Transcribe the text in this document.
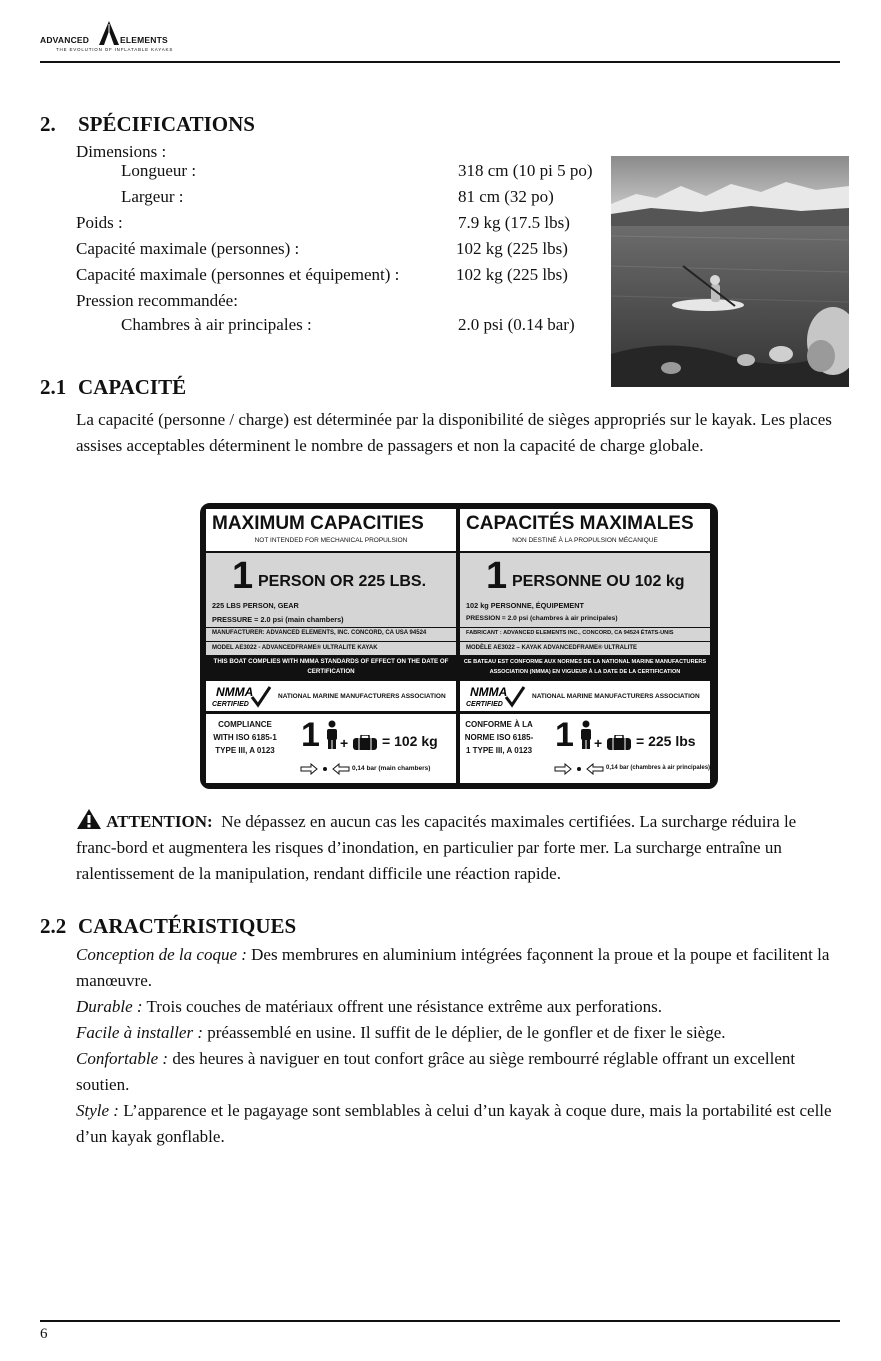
ADVANCED	ELEMENTS
THE EVOLUTION OF INFLATABLE KAYAKS
2. SPÉCIFICATIONS
Dimensions :
Longueur :	318 cm (10 pi 5 po)
Largeur :	81 cm (32 po)
Poids :	7.9 kg (17.5 lbs)
Capacité maximale (personnes) :	102 kg (225 lbs)
Capacité maximale (personnes et équipement) :	102 kg (225 lbs)
Pression recommandée:
Chambres à air principales :	2.0 psi (0.14 bar)
2.1 CAPACITÉ

La capacité (personne / charge) est déterminée par la disponibilité de sièges appropriés sur le kayak. Les places assises acceptables déterminent le nombre de passagers et non la capacité de charge globale.

MAXIMUM CAPACITIES
NOT INTENDED FOR MECHANICAL PROPULSION
1 PERSON OR 225 LBS.
225 LBS PERSON, GEAR
PRESSURE = 2.0 psi (main chambers)
MANUFACTURER: ADVANCED ELEMENTS, INC. CONCORD, CA USA 94524
MODEL AE3022 - ADVANCEDFRAME® ULTRALITE KAYAK
THIS BOAT COMPLIES WITH NMMA STANDARDS OF EFFECT ON THE DATE OF CERTIFICATION
NMMA
CERTIFIED
NATIONAL MARINE MANUFACTURERS ASSOCIATION
COMPLIANCE WITH ISO 6185-1 TYPE III, A 0123 1 + = 102 kg
0,14 bar (main chambers)
CAPACITÉS MAXIMALES
NON DESTINÉ À LA PROPULSION MÉCANIQUE
1 PERSONNE OU 102 kg
102 kg PERSONNE, ÉQUIPEMENT
PRESSION = 2.0 psi (chambres à air principales)
FABRICANT : ADVANCED ELEMENTS INC., CONCORD, CA 94524 ÉTATS-UNIS
MODÈLE AE3022 – KAYAK ADVANCEDFRAME® ULTRALITE
CE BATEAU EST CONFORME AUX NORMES DE LA NATIONAL MARINE MANUFACTURERS ASSOCIATION (NMMA) EN VIGUEUR À LA DATE DE LA CERTIFICATION
NMMA
CERTIFIED
NATIONAL MARINE MANUFACTURERS ASSOCIATION
CONFORME À LA NORME ISO 6185-1 TYPE III, A 0123 1 + = 225 lbs
0,14 bar (chambres à air principales)

ATTENTION: Ne dépassez en aucun cas les capacités maximales certifiées. La surcharge réduira le franc-bord et augmentera les risques d’inondation, en particulier par forte mer. La surcharge entraîne un ralentissement de la manipulation, rendant difficile une réaction rapide.

2.2 CARACTÉRISTIQUES

Conception de la coque : Des membrures en aluminium intégrées façonnent la proue et la poupe et facilitent la manœuvre.
Durable : Trois couches de matériaux offrent une résistance extrême aux perforations.
Facile à installer : préassemblé en usine. Il suffit de le déplier, de le gonfler et de fixer le siège.
Confortable : des heures à naviguer en tout confort grâce au siège rembourré réglable offrant un excellent soutien.
Style : L’apparence et le pagayage sont semblables à celui d’un kayak à coque dure, mais la portabilité est celle d’un kayak gonflable.

6
